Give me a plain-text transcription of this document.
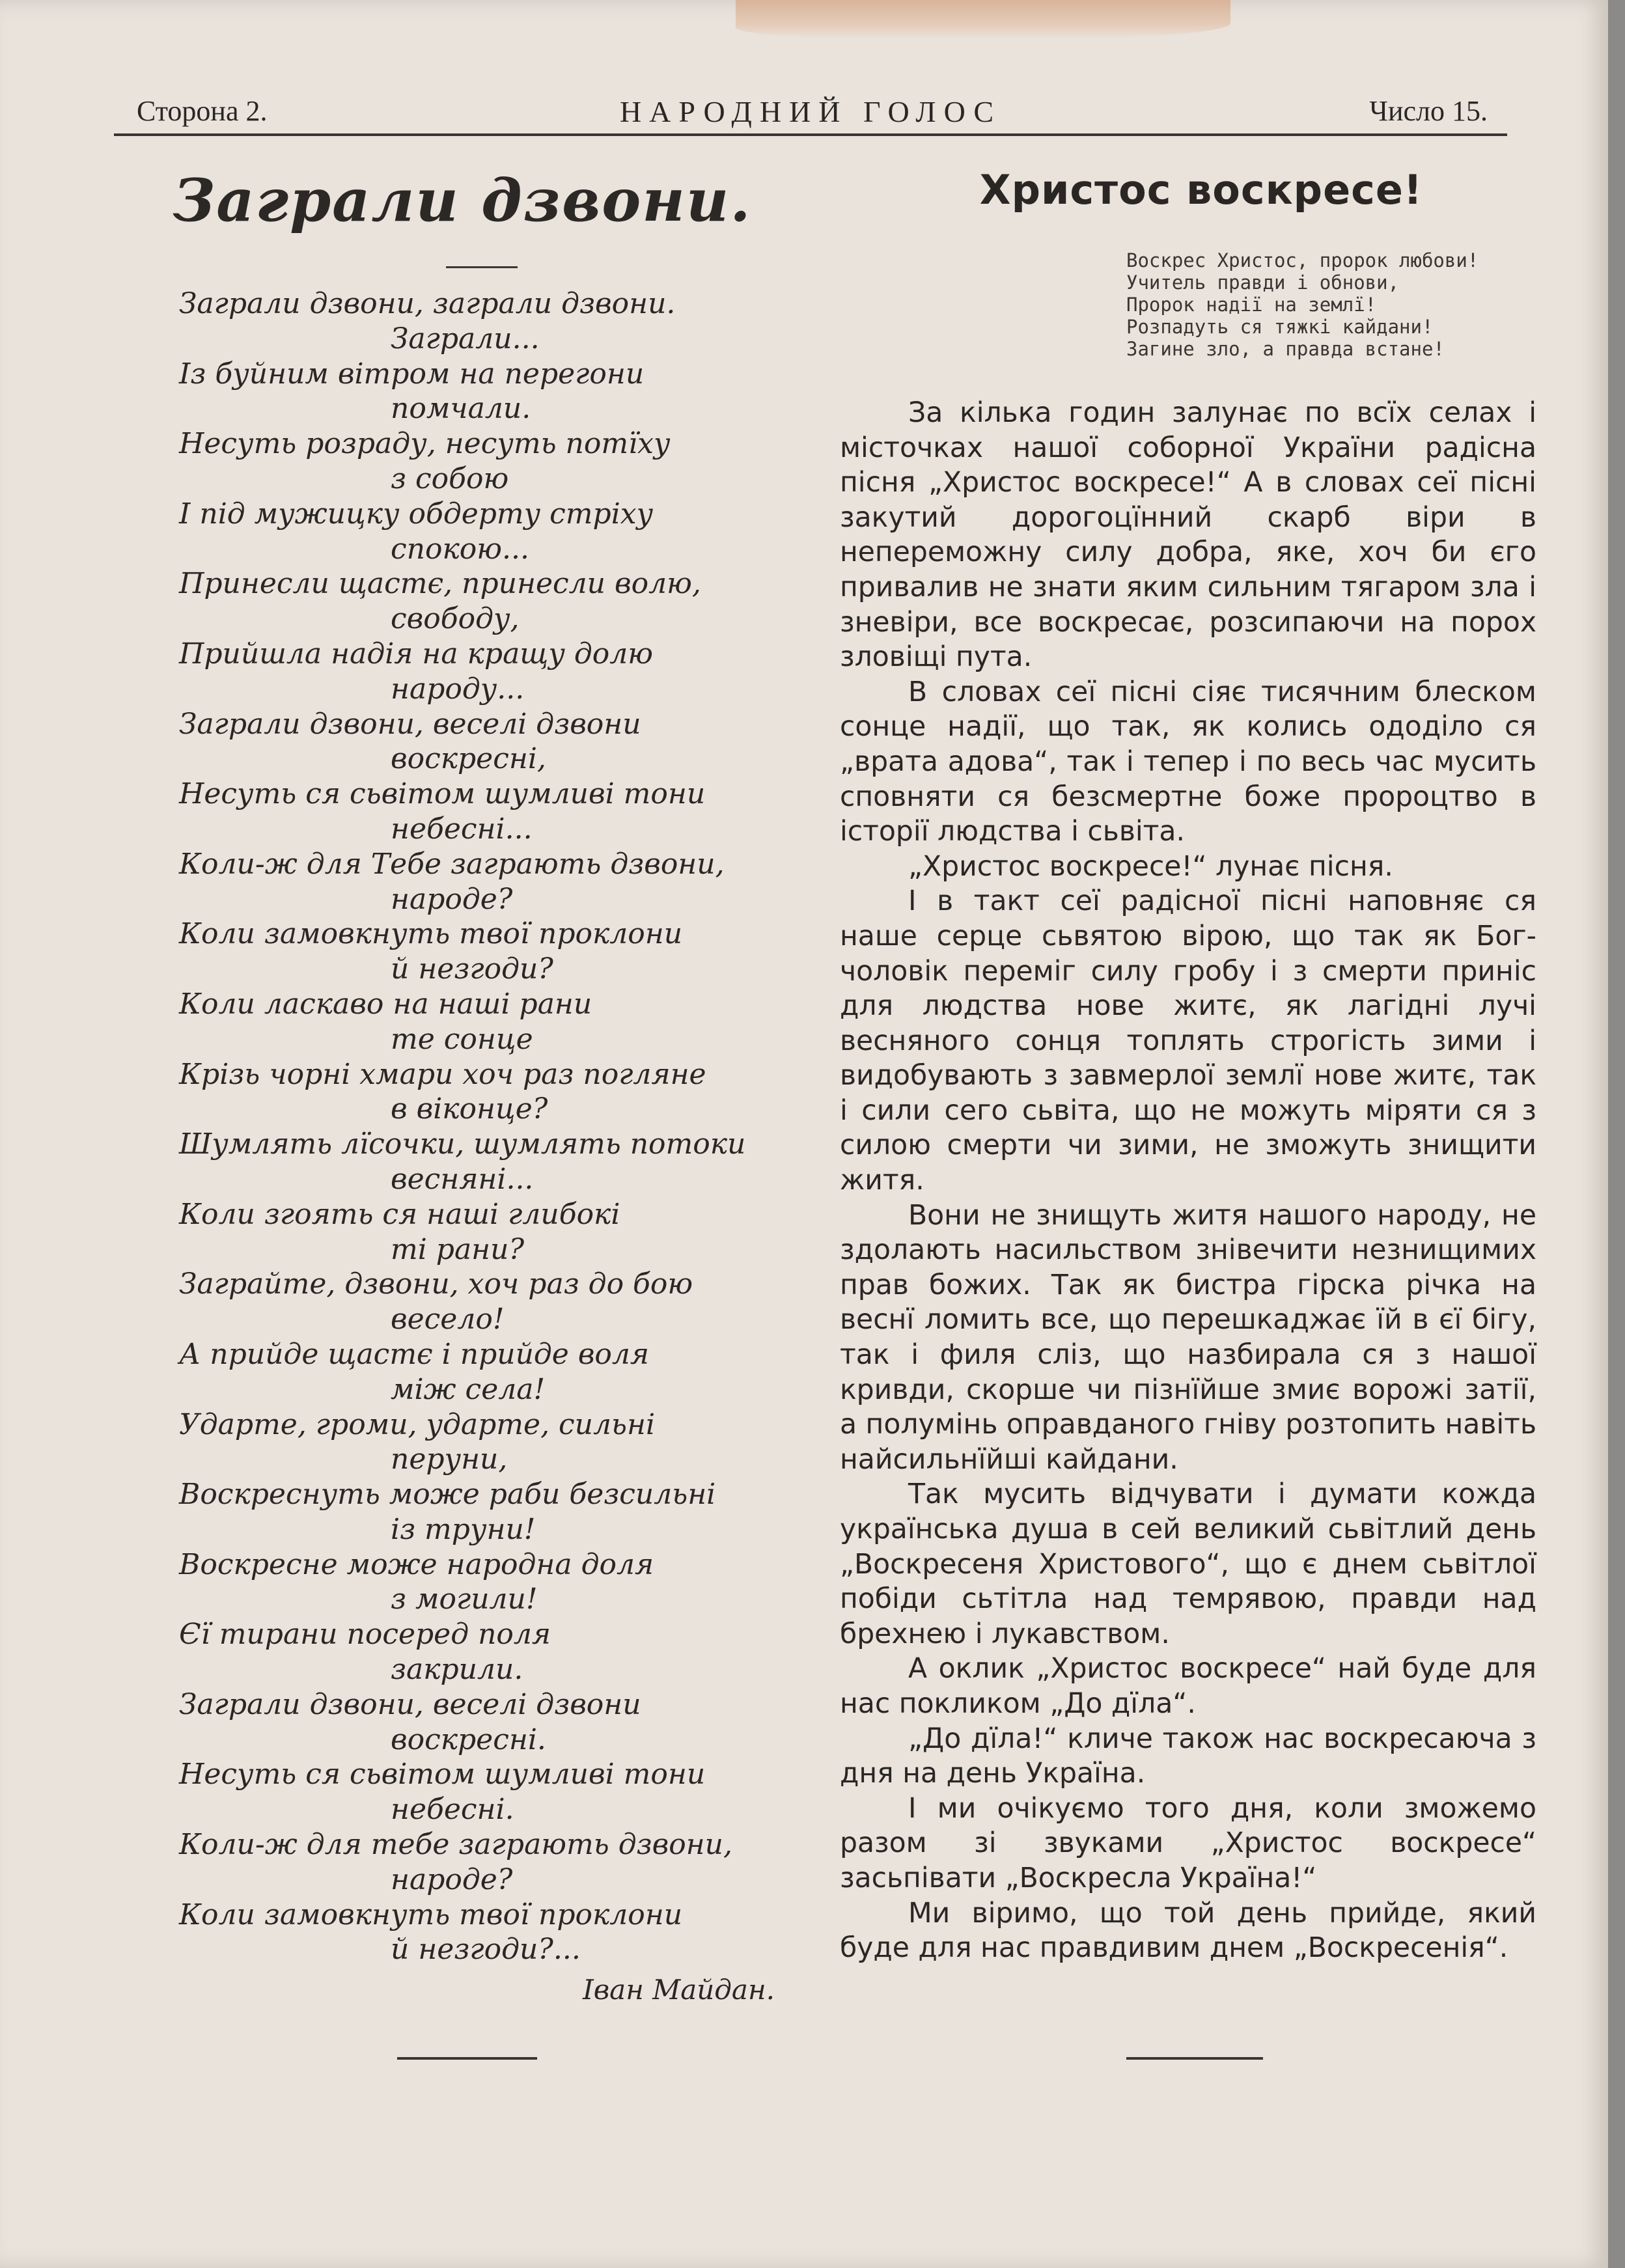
Сторона 2.	НАРОДНИЙ ГОЛОС	Число 15.
Заграли дзвони.
Заграли дзвони, заграли дзвони.
Заграли...
Із буйним вітром на перегони
помчали.
Несуть розраду, несуть потїху
з собою
І під мужицку обдерту стріху
спокою...
Принесли щастє, принесли волю,
свободу,
Прийшла надія на кращу долю
народу...
Заграли дзвони, веселі дзвони
воскресні,
Несуть ся сьвітом шумливі тони
небесні...
Коли-ж для Тебе заграють дзвони,
народе?
Коли замовкнуть твої проклони
й незгоди?
Коли ласкаво на наші рани
те сонце
Крізь чорні хмари хоч раз погляне
в віконце?
Шумлять лїсочки, шумлять потоки
весняні...
Коли згоять ся наші глибокі
ті рани?
Заграйте, дзвони, хоч раз до бою
весело!
А прийде щастє і прийде воля
між села!
Ударте, громи, ударте, сильні
перуни,
Воскреснуть може раби безсильні
із труни!
Воскресне може народна доля
з могили!
Єї тирани посеред поля
закрили.
Заграли дзвони, веселі дзвони
воскресні.
Несуть ся сьвітом шумливі тони
небесні.
Коли-ж для тебе заграють дзвони,
народе?
Коли замовкнуть твої проклони
й незгоди?...
Іван Майдан.
Христос воскресе!
Воскрес Христос, пророк любови!
Учитель правди і обнови,
Пророк надії на землї!
Розпадуть ся тяжкі кайдани!
Загине зло, а правда встане!

За кілька годин залунає по всїх селах і місточках нашої соборної України радісна пісня „Христос воскресе!“ А в словах сеї пісні закутий дорогоцїнний скарб віри в непереможну силу добра, яке, хоч би єго привалив не знати яким сильним тягаром зла і зневіри, все воскресає, розсипаючи на порох зловіщі пута.

В словах сеї пісні сіяє тисячним блеском сонце надії, що так, як колись ододіло ся „врата адова“, так і тепер і по весь час мусить сповняти ся безсмертне боже пророцтво в історії людства і сьвіта.

„Христос воскресе!“ лунає пісня.

І в такт сеї радісної пісні наповняє ся наше серце сьвятою вірою, що так як Бог-чоловік переміг силу гробу і з смерти приніс для людства нове житє, як лагідні лучі весняного сонця топлять строгість зими і видобувають з завмерлої землї нове житє, так і сили сего сьвіта, що не можуть міряти ся з силою смерти чи зими, не зможуть знищити житя.

Вони не знищуть житя нашого народу, не здолають насильством знівечити незнищимих прав божих. Так як бистра гірска річка на веснї ломить все, що перешкаджає їй в єї бігу, так і филя сліз, що назбирала ся з нашої кривди, скорше чи пізнїйше змиє ворожі затії, а полумінь оправданого гніву розтопить навіть найсильнїйші кайдани.

Так мусить відчувати і думати кожда українська душа в сей великий сьвітлий день „Воскресеня Христового“, що є днем сьвітлої побіди сьтітла над темрявою, правди над брехнею і лукавством.

А оклик „Христос воскресе“ най буде для нас покликом „До дїла“.

„До дїла!“ кличе також нас воскресаюча з дня на день Україна.

І ми очікуємо того дня, коли зможемо разом зі звуками „Христос воскресе“ засьпівати „Воскресла Україна!“

Ми віримо, що той день прийде, який буде для нас правдивим днем „Воскресенія“.
